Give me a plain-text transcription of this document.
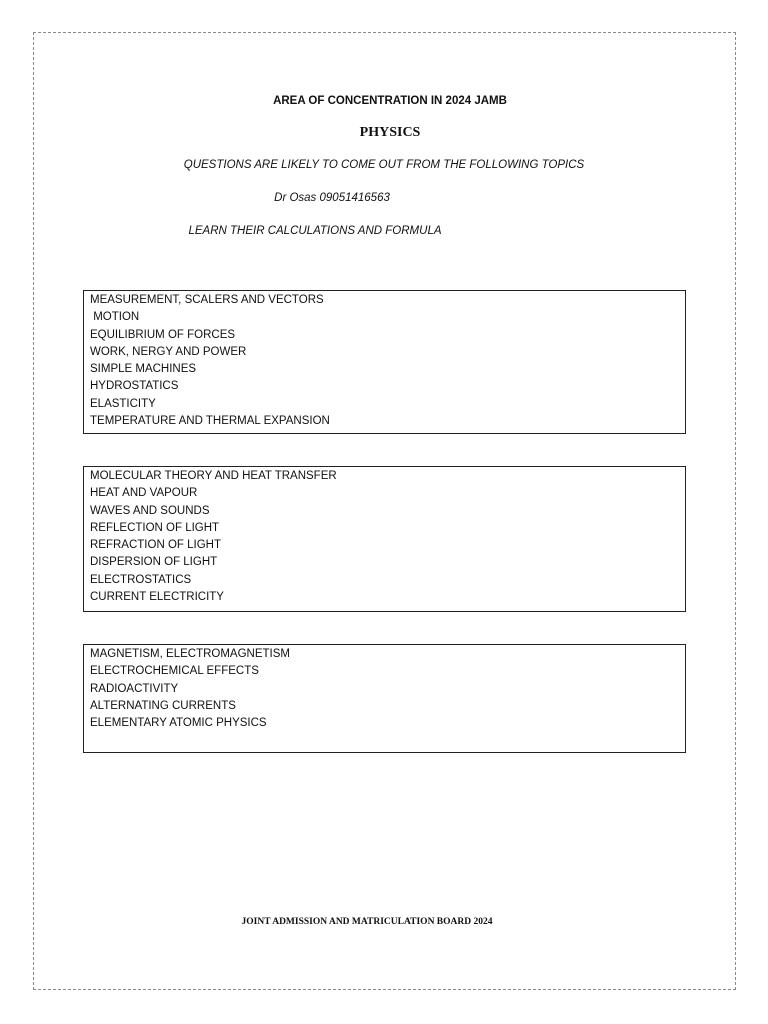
AREA OF CONCENTRATION IN 2024 JAMB
PHYSICS
QUESTIONS ARE LIKELY TO COME OUT FROM THE FOLLOWING TOPICS
Dr Osas 09051416563
LEARN THEIR CALCULATIONS AND FORMULA
MEASUREMENT, SCALERS AND VECTORS
MOTION
EQUILIBRIUM OF FORCES
WORK, NERGY AND POWER
SIMPLE MACHINES
HYDROSTATICS
ELASTICITY
TEMPERATURE AND THERMAL EXPANSION
MOLECULAR THEORY AND HEAT TRANSFER
HEAT AND VAPOUR
WAVES AND SOUNDS
REFLECTION OF LIGHT
REFRACTION OF LIGHT
DISPERSION OF LIGHT
ELECTROSTATICS
CURRENT ELECTRICITY
MAGNETISM, ELECTROMAGNETISM
ELECTROCHEMICAL EFFECTS
RADIOACTIVITY
ALTERNATING CURRENTS
ELEMENTARY ATOMIC PHYSICS
JOINT ADMISSION AND MATRICULATION BOARD 2024
